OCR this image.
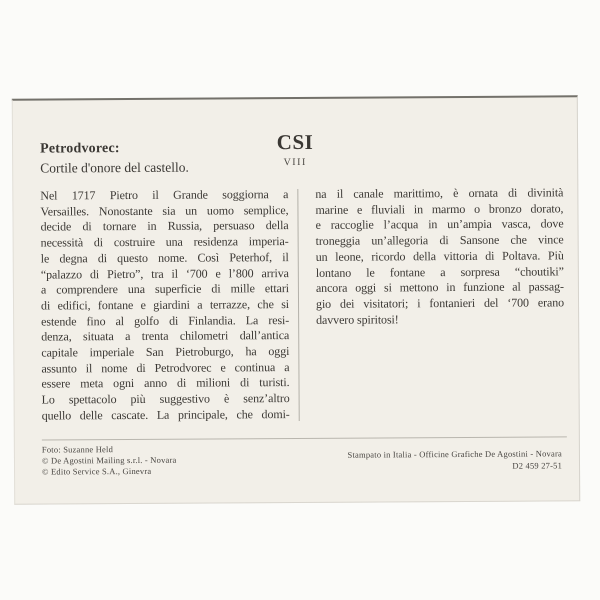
Petrodvorec:
Cortile d'onore del castello.
CSI
VIII
Nel 1717 Pietro il Grande soggiorna a
Versailles. Nonostante sia un uomo semplice,
decide di tornare in Russia, persuaso della
necessità di costruire una residenza imperia-
le degna di questo nome. Così Peterhof, il
“palazzo di Pietro”, tra il ‘700 e l’800 arriva
a comprendere una superficie di mille ettari
di edifici, fontane e giardini a terrazze, che si
estende fino al golfo di Finlandia. La resi-
denza, situata a trenta chilometri dall’antica
capitale imperiale San Pietroburgo, ha oggi
assunto il nome di Petrodvorec e continua a
essere meta ogni anno di milioni di turisti.
Lo spettacolo più suggestivo è senz’altro
quello delle cascate. La principale, che domi-
na il canale marittimo, è ornata di divinità
marine e fluviali in marmo o bronzo dorato,
e raccoglie l’acqua in un’ampia vasca, dove
troneggia un’allegoria di Sansone che vince
un leone, ricordo della vittoria di Poltava. Più
lontano le fontane a sorpresa “choutiki”
ancora oggi si mettono in funzione al passag-
gio dei visitatori; i fontanieri del ‘700 erano
davvero spiritosi!
Foto: Suzanne Held
© De Agostini Mailing s.r.l. - Novara
© Edito Service S.A., Ginevra
Stampato in Italia - Officine Grafiche De Agostini - Novara
D2 459 27-51
